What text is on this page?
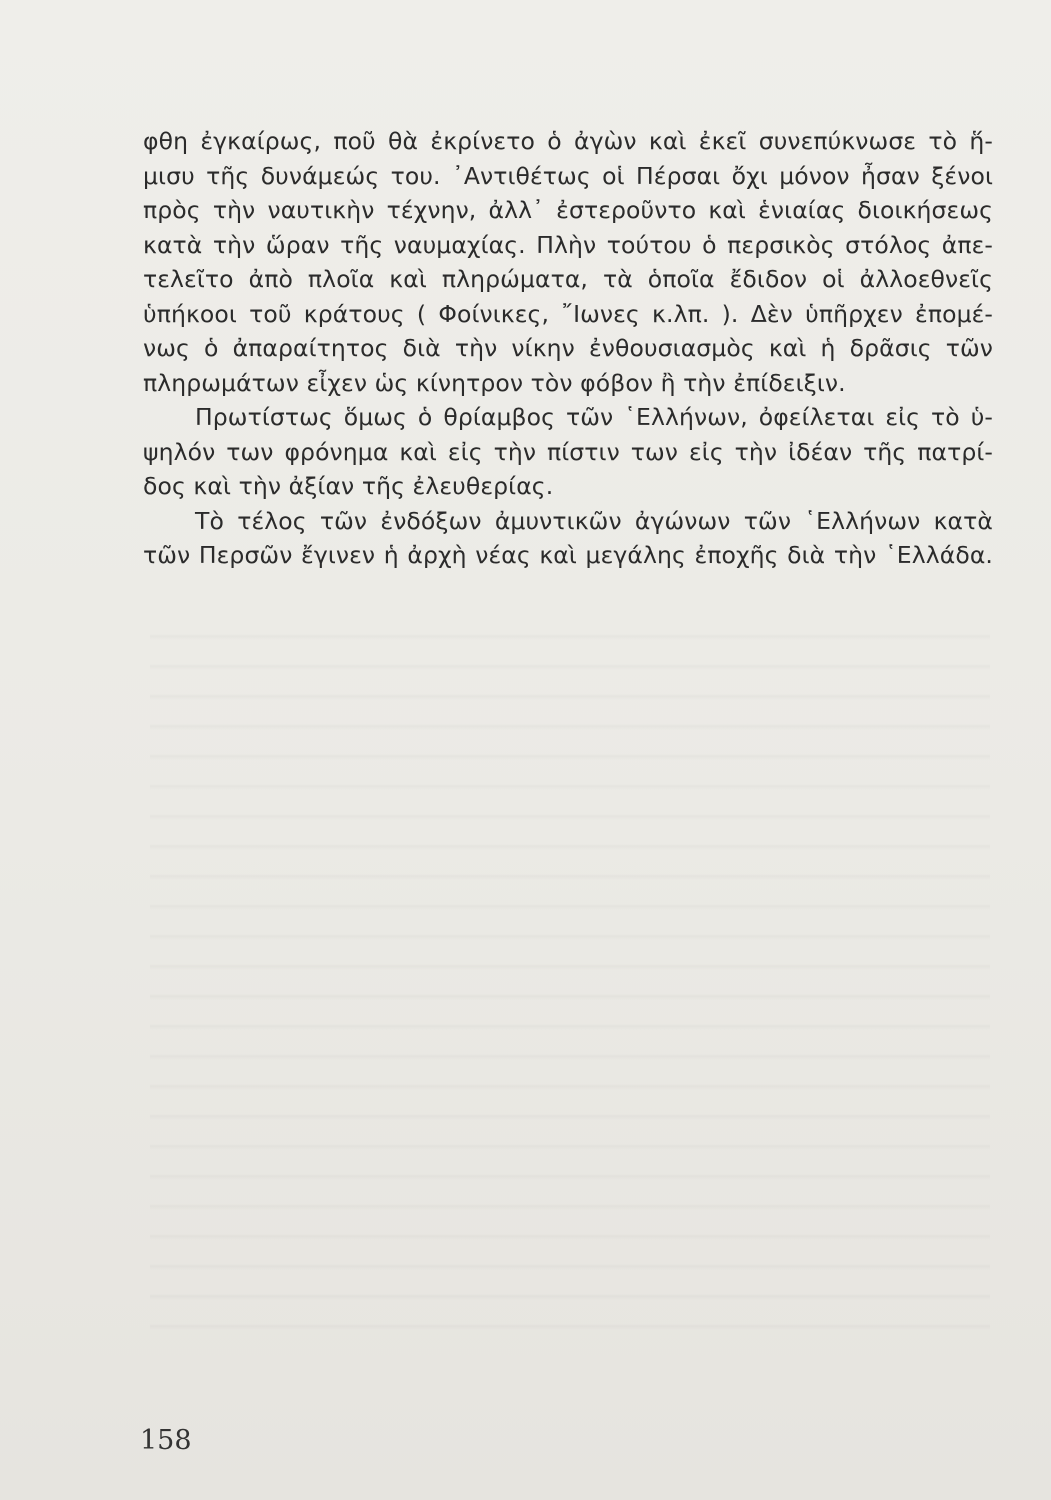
φθη ἐγκαίρως, ποῦ θὰ ἐκρίνετο ὁ ἀγὼν καὶ ἐκεῖ συνεπύκνωσε τὸ ἥ-
μισυ τῆς δυνάμεώς του. ᾿Αντιθέτως οἱ Πέρσαι ὄχι μόνον ἦσαν ξένοι
πρὸς τὴν ναυτικὴν τέχνην, ἀλλ᾿ ἐστεροῦντο καὶ ἑνιαίας διοικήσεως
κατὰ τὴν ὥραν τῆς ναυμαχίας. Πλὴν τούτου ὁ περσικὸς στόλος ἀπε-
τελεῖτο ἀπὸ πλοῖα καὶ πληρώματα, τὰ ὁποῖα ἔδιδον οἱ ἀλλοεθνεῖς
ὑπήκοοι τοῦ κράτους ( Φοίνικες, ῎Ιωνες κ.λπ. ). Δὲν ὑπῆρχεν ἐπομέ-
νως ὁ ἀπαραίτητος διὰ τὴν νίκην ἐνθουσιασμὸς καὶ ἡ δρᾶσις τῶν
πληρωμάτων εἶχεν ὡς κίνητρον τὸν φόβον ἢ τὴν ἐπίδειξιν.
Πρωτίστως ὅμως ὁ θρίαμβος τῶν ῾Ελλήνων, ὀφείλεται εἰς τὸ ὑ-
ψηλόν των φρόνημα καὶ εἰς τὴν πίστιν των εἰς τὴν ἰδέαν τῆς πατρί-
δος καὶ τὴν ἀξίαν τῆς ἐλευθερίας.
Τὸ τέλος τῶν ἐνδόξων ἀμυντικῶν ἀγώνων τῶν ῾Ελλήνων κατὰ
τῶν Περσῶν ἔγινεν ἡ ἀρχὴ νέας καὶ μεγάλης ἐποχῆς διὰ τὴν ῾Ελλάδα.
158
